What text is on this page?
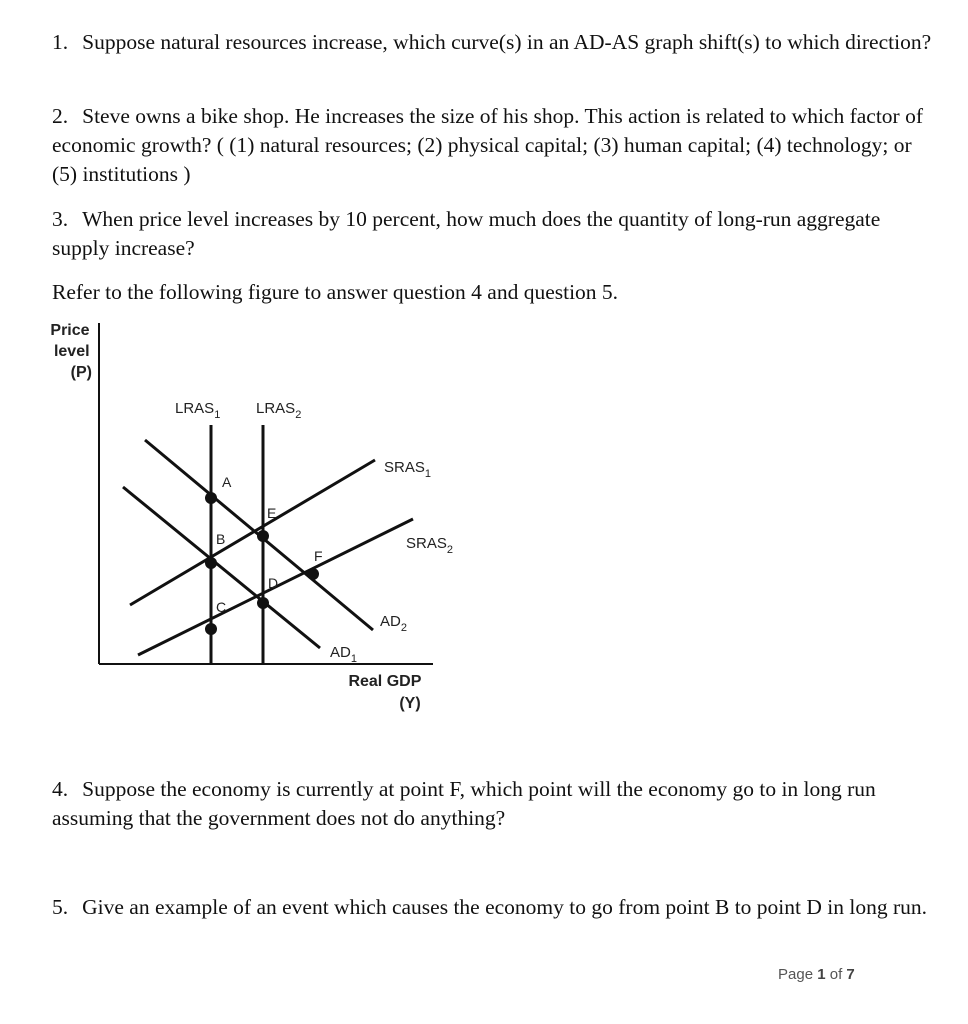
1. Suppose natural resources increase, which curve(s) in an AD-AS graph shift(s) to which direction?

2. Steve owns a bike shop. He increases the size of his shop. This action is related to which factor of economic growth? ( (1) natural resources; (2) physical capital; (3) human capital; (4) technology; or (5) institutions )

3. When price level increases by 10 percent, how much does the quantity of long-run aggregate supply increase?

Refer to the following figure to answer question 4 and question 5.

Price level (P)
Real GDP (Y)
$LRAS_1$ $LRAS_2$
$SRAS_1$
$SRAS_2$
$AD_2$
$AD_1$
A
B
C
D
E
F

4. Suppose the economy is currently at point F, which point will the economy go to in long run assuming that the government does not do anything?

5. Give an example of an event which causes the economy to go from point B to point D in long run.

Page 1 of 7
